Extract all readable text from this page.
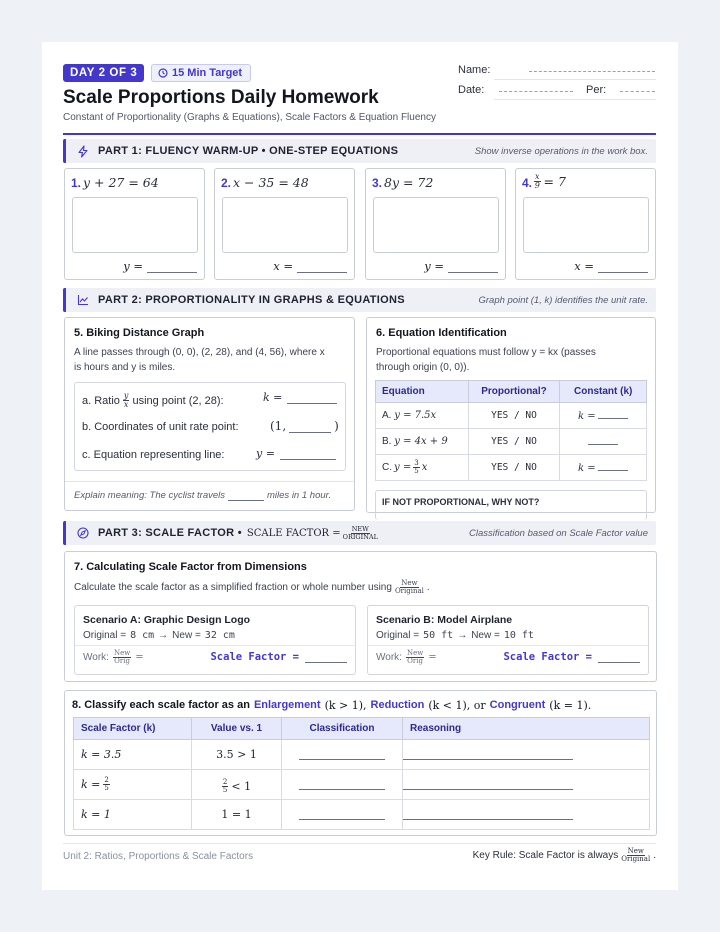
DAY 2 OF 3	15 Min Target
Scale Proportions Daily Homework
Constant of Proportionality (Graphs & Equations), Scale Factors & Equation Fluency
Name:
Date:	Per:
PART 1: FLUENCY WARM-UP • ONE-STEP EQUATIONS	Show inverse operations in the work box.
1. y + 27 = 64
y =
2. x − 35 = 48
x =
3. 8y = 72
y =
4. $\frac{x}{9} = 7$
x =
PART 2: PROPORTIONALITY IN GRAPHS & EQUATIONS	Graph point (1, k) identifies the unit rate.
5. Biking Distance Graph
A line passes through (0, 0), (2, 28), and (4, 56), where x
is hours and y is miles.
a. Ratio $\frac{y}{x}$ using point (2, 28):	k =
b. Coordinates of unit rate point:	(1,	)
c. Equation representing line:	y =
Explain meaning: The cyclist travels	miles in 1 hour.
6. Equation Identification
Proportional equations must follow y = kx (passes
through origin (0, 0)).
Equation	Proportional?	Constant (k)
A. y = 7.5x	YES / NO	k =
B. y = 4x + 9	YES / NO	

C. $y = \frac{3}{5}$ x	YES / NO	k =
IF NOT PROPORTIONAL, WHY NOT?
PART 3: SCALE FACTOR • SCALE FACTOR = $\frac{\text{NEW}}{\text{ORIGINAL}}$	Classification based on Scale Factor value
7. Calculating Scale Factor from Dimensions
Calculate the scale factor as a simplified fraction or whole number using $\frac{\text{New}}{\text{Original}}$ .
Scenario A: Graphic Design Logo
Original = 8 cm → New = 32 cm
Work: $\frac{\text{New}}{\text{Orig}}$ =	Scale Factor =
Scenario B: Model Airplane
Original = 50 ft → New = 10 ft
Work: $\frac{\text{New}}{\text{Orig}}$ =	Scale Factor =
8. Classify each scale factor as an Enlargement (k > 1), Reduction (k < 1), or Congruent (k = 1).
Scale Factor (k)	Value vs. 1	Classification	Reasoning
k = 3.5	3.5 > 1		

$k = \frac{2}{5}$	$\frac{2}{5} < 1$		

k = 1	1 = 1		
Unit 2: Ratios, Proportions & Scale Factors	Key Rule: Scale Factor is always $\frac{\text{New}}{\text{Original}}$ .
